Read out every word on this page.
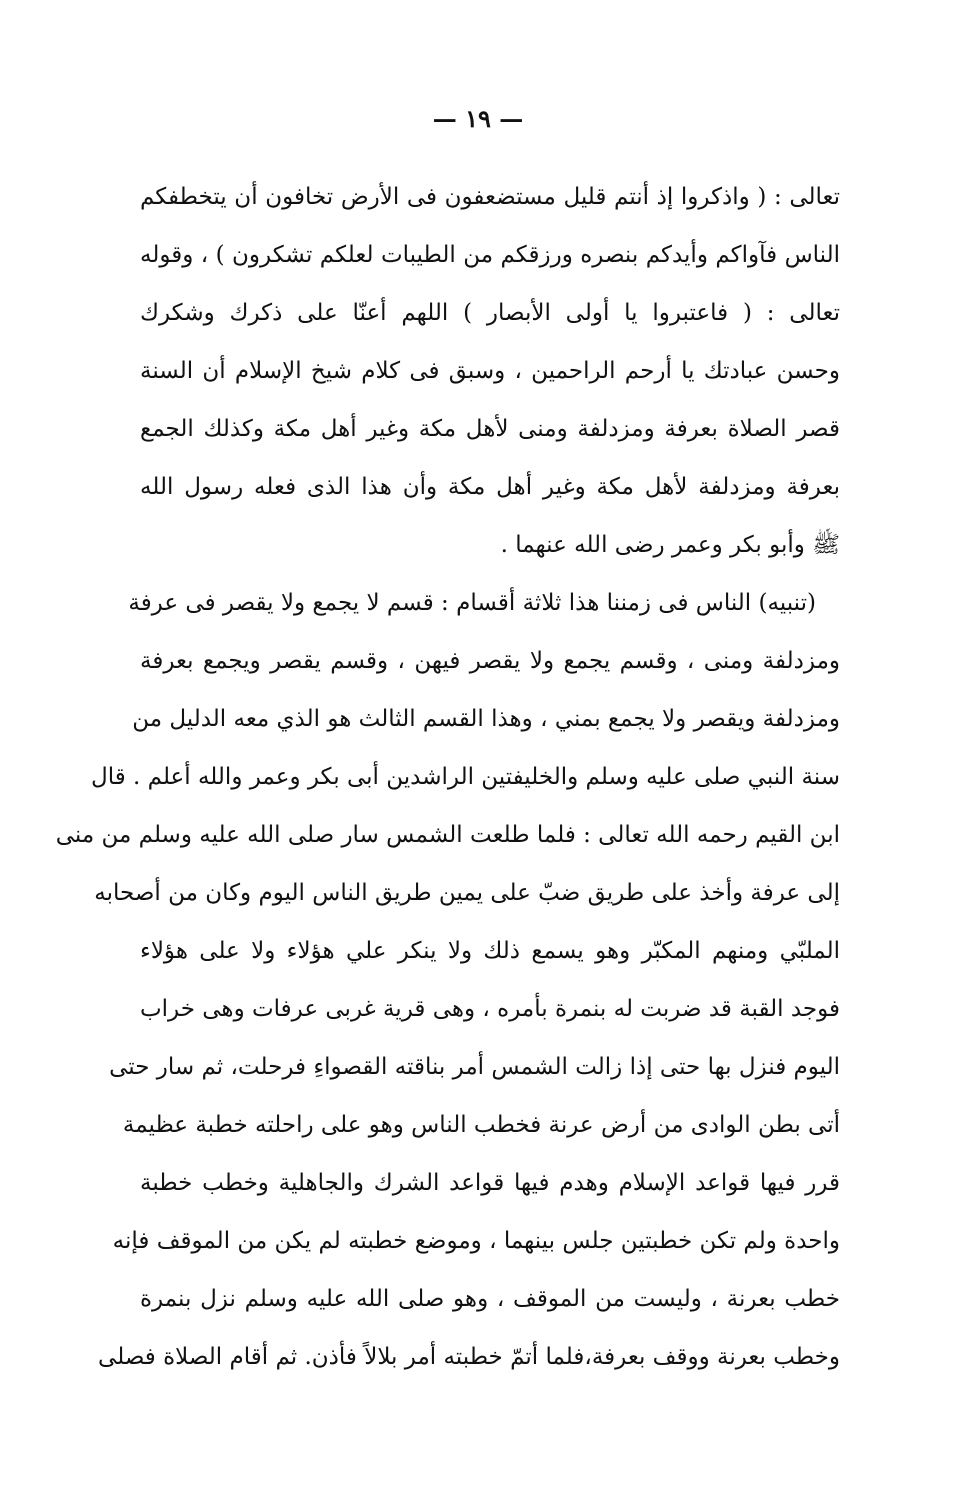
— ١٩ —
تعالى : ( واذكروا إذ أنتم قليل مستضعفون فى الأرض تخافون أن يتخطفكم
الناس فآواكم وأيدكم بنصره ورزقكم من الطيبات لعلكم تشكرون ) ، وقوله
تعالى : ( فاعتبروا يا أولى الأبصار ) اللهم أعنّا على ذكرك وشكرك
وحسن عبادتك يا أرحم الراحمين ، وسبق فى كلام شيخ الإسلام أن السنة
قصر الصلاة بعرفة ومزدلفة ومنى لأهل مكة وغير أهل مكة وكذلك الجمع
بعرفة ومزدلفة لأهل مكة وغير أهل مكة وأن هذا الذى فعله رسول الله
ﷺ وأبو بكر وعمر رضى الله عنهما .
(تنبيه) الناس فى زمننا هذا ثلاثة أقسام : قسم لا يجمع ولا يقصر فى عرفة
ومزدلفة ومنى ، وقسم يجمع ولا يقصر فيهن ، وقسم يقصر ويجمع بعرفة
ومزدلفة ويقصر ولا يجمع بمني ، وهذا القسم الثالث هو الذي معه الدليل من
سنة النبي صلى عليه وسلم والخليفتين الراشدين أبى بكر وعمر والله أعلم . قال
ابن القيم رحمه الله تعالى : فلما طلعت الشمس سار صلى الله عليه وسلم من منى
إلى عرفة وأخذ على طريق ضبّ على يمين طريق الناس اليوم وكان من أصحابه
الملبّي ومنهم المكبّر وهو يسمع ذلك ولا ينكر علي هؤلاء ولا على هؤلاء
فوجد القبة قد ضربت له بنمرة بأمره ، وهى قرية غربى عرفات وهى خراب
اليوم فنزل بها حتى إذا زالت الشمس أمر بناقته القصواءِ فرحلت، ثم سار حتى
أتى بطن الوادى من أرض عرنة فخطب الناس وهو على راحلته خطبة عظيمة
قرر فيها قواعد الإسلام وهدم فيها قواعد الشرك والجاهلية وخطب خطبة
واحدة ولم تكن خطبتين جلس بينهما ، وموضع خطبته لم يكن من الموقف فإنه
خطب بعرنة ، وليست من الموقف ، وهو صلى الله عليه وسلم نزل بنمرة
وخطب بعرنة ووقف بعرفة،فلما أتمّ خطبته أمر بلالاً فأذن. ثم أقام الصلاة فصلى
